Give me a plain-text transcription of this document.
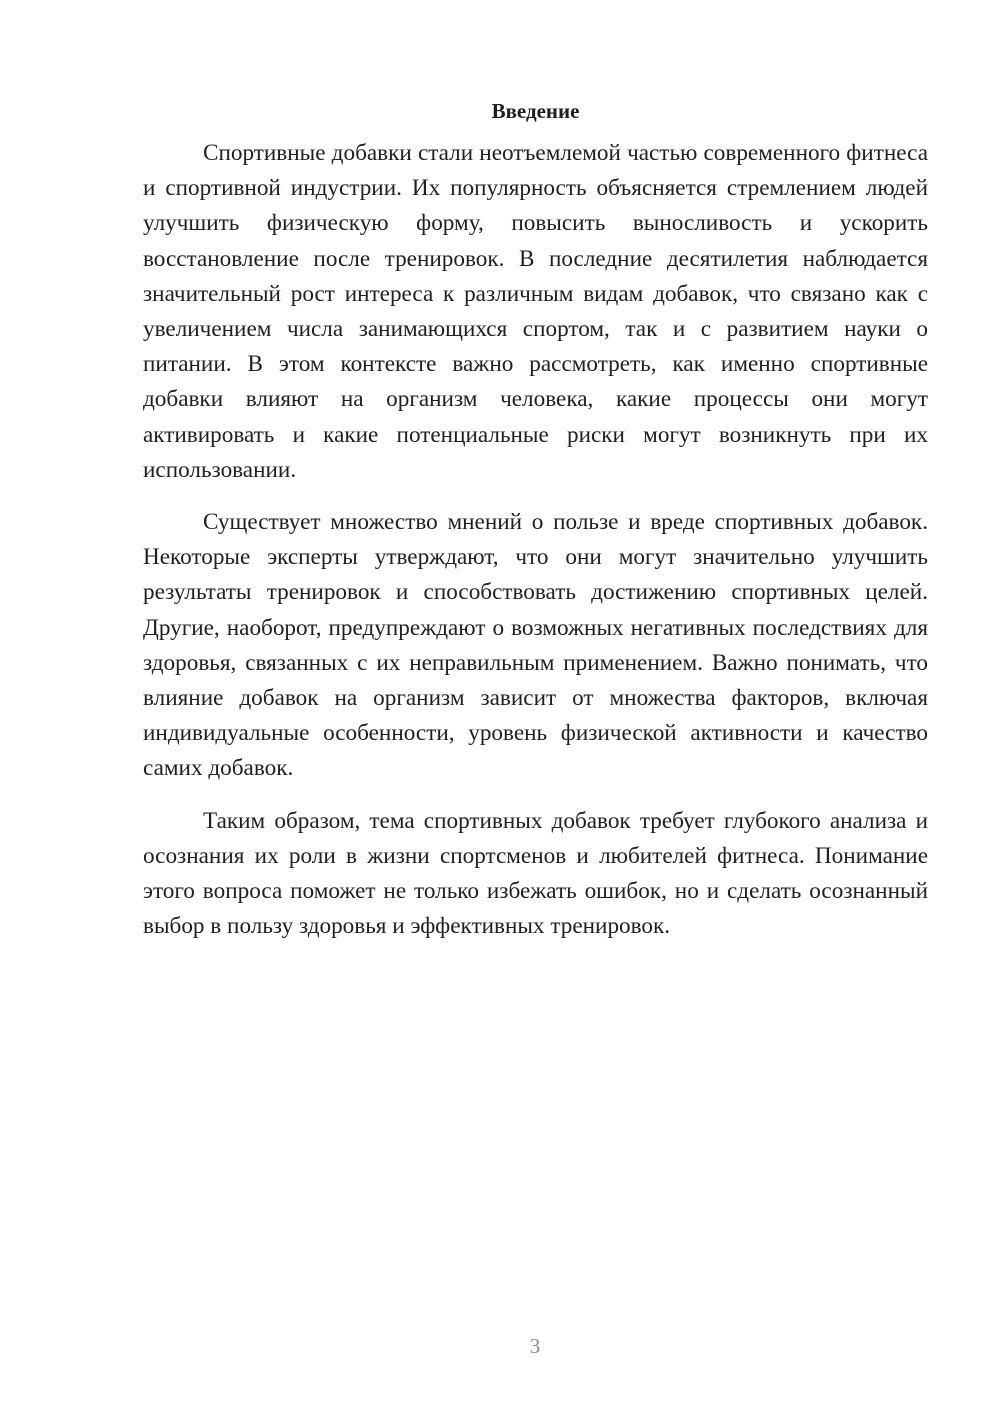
Введение

Спортивные добавки стали неотъемлемой частью современного фитнеса и спортивной индустрии. Их популярность объясняется стремлением людей улучшить физическую форму, повысить выносливость и ускорить восстановление после тренировок. В последние десятилетия наблюдается значительный рост интереса к различным видам добавок, что связано как с увеличением числа занимающихся спортом, так и с развитием науки о питании. В этом контексте важно рассмотреть, как именно спортивные добавки влияют на организм человека, какие процессы они могут активировать и какие потенциальные риски могут возникнуть при их использовании.

Существует множество мнений о пользе и вреде спортивных добавок. Некоторые эксперты утверждают, что они могут значительно улучшить результаты тренировок и способствовать достижению спортивных целей. Другие, наоборот, предупреждают о возможных негативных последствиях для здоровья, связанных с их неправильным применением. Важно понимать, что влияние добавок на организм зависит от множества факторов, включая индивидуальные особенности, уровень физической активности и качество самих добавок.

Таким образом, тема спортивных добавок требует глубокого анализа и осознания их роли в жизни спортсменов и любителей фитнеса. Понимание этого вопроса поможет не только избежать ошибок, но и сделать осознанный выбор в пользу здоровья и эффективных тренировок.

3
